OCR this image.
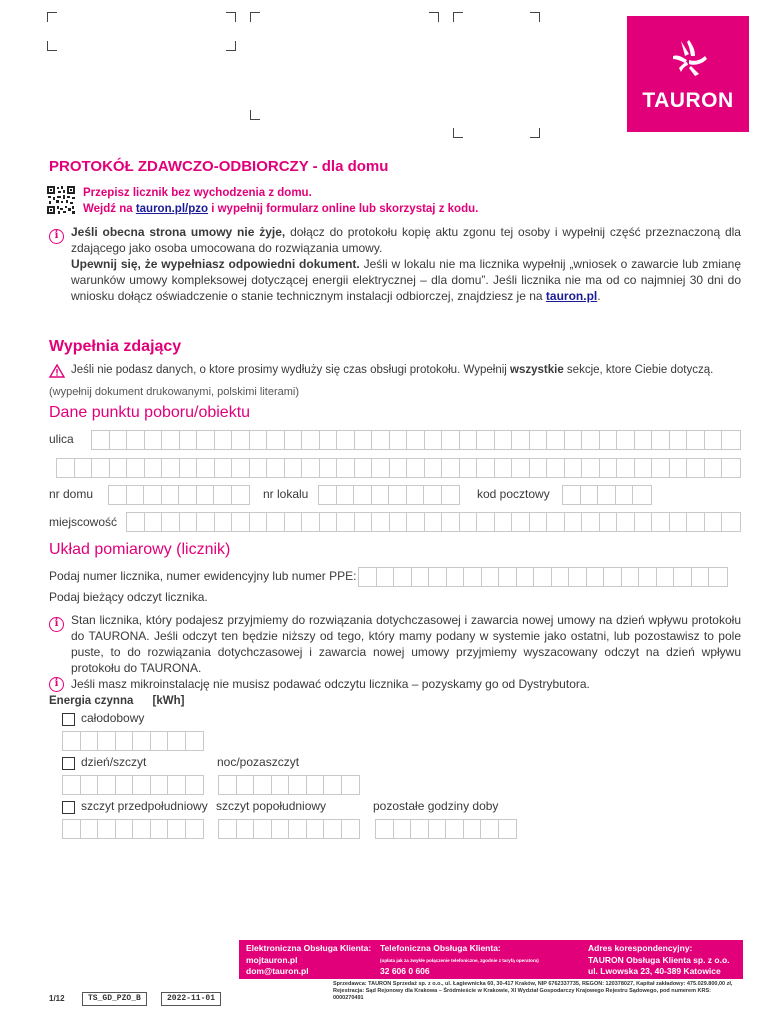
TAURON
PROTOKÓŁ ZDAWCZO-ODBIORCZY - dla domu
Przepisz licznik bez wychodzenia z domu.
Wejdź na tauron.pl/pzo i wypełnij formularz online lub skorzystaj z kodu.
i	Jeśli obecna strona umowy nie żyje, dołącz do protokołu kopię aktu zgonu tej osoby i wypełnij część przeznaczoną dla zdającego jako osoba umocowana do rozwiązania umowy.
Upewnij się, że wypełniasz odpowiedni dokument. Jeśli w lokalu nie ma licznika wypełnij „wniosek o zawarcie lub zmianę warunków umowy kompleksowej dotyczącej energii elektrycznej – dla domu”. Jeśli licznika nie ma od co najmniej 30 dni do wniosku dołącz oświadczenie o stanie technicznym instalacji odbiorczej, znajdziesz je na tauron.pl.
Wypełnia zdający
Jeśli nie podasz danych, o ktore prosimy wydłuży się czas obsługi protokołu. Wypełnij wszystkie sekcje, ktore Ciebie dotyczą.
(wypełnij dokument drukowanymi, polskimi literami)
Dane punktu poboru/obiektu
ulica
nr domu	nr lokalu	kod pocztowy
miejscowość
Układ pomiarowy (licznik)
Podaj numer licznika, numer ewidencyjny lub numer PPE:
Podaj bieżący odczyt licznika.
i	Stan licznika, który podajesz przyjmiemy do rozwiązania dotychczasowej i zawarcia nowej umowy na dzień wpływu protokołu do TAURONA. Jeśli odczyt ten będzie niższy od tego, który mamy podany w systemie jako ostatni, lub pozostawisz to pole puste, to do rozwiązania dotychczasowej i zawarcia nowej umowy przyjmiemy wyszacowany odczyt na dzień wpływu protokołu do TAURONA.
i	Jeśli masz mikroinstalację nie musisz podawać odczytu licznika – pozyskamy go od Dystrybutora.
Energia czynna [kWh]
całodobowy
dzień/szczyt	noc/pozaszczyt
szczyt przedpołudniowy szczyt popołudniowy	pozostałe godziny doby
Elektroniczna Obsługa Klienta:
mojtauron.pl
dom@tauron.pl
Telefoniczna Obsługa Klienta:
(opłata jak za zwykłe połączenie telefoniczne, zgodnie z taryfą operatora)
32 606 0 606
Adres korespondencyjny:
TAURON Obsługa Klienta sp. z o.o.
ul. Lwowska 23, 40-389 Katowice
Sprzedawca: TAURON Sprzedaż sp. z o.o., ul. Łagiewnicka 60, 30-417 Kraków, NIP 6762337735, REGON: 120378027, Kapitał zakładowy: 475.029.800,00 zł, Rejestracja: Sąd Rejonowy dla Krakowa – Śródmieście w Krakowie, XI Wydział Gospodarczy Krajowego Rejestru Sądowego, pod numerem KRS: 0000270491
1/12	TS_GD_PZO_B	2022-11-01
